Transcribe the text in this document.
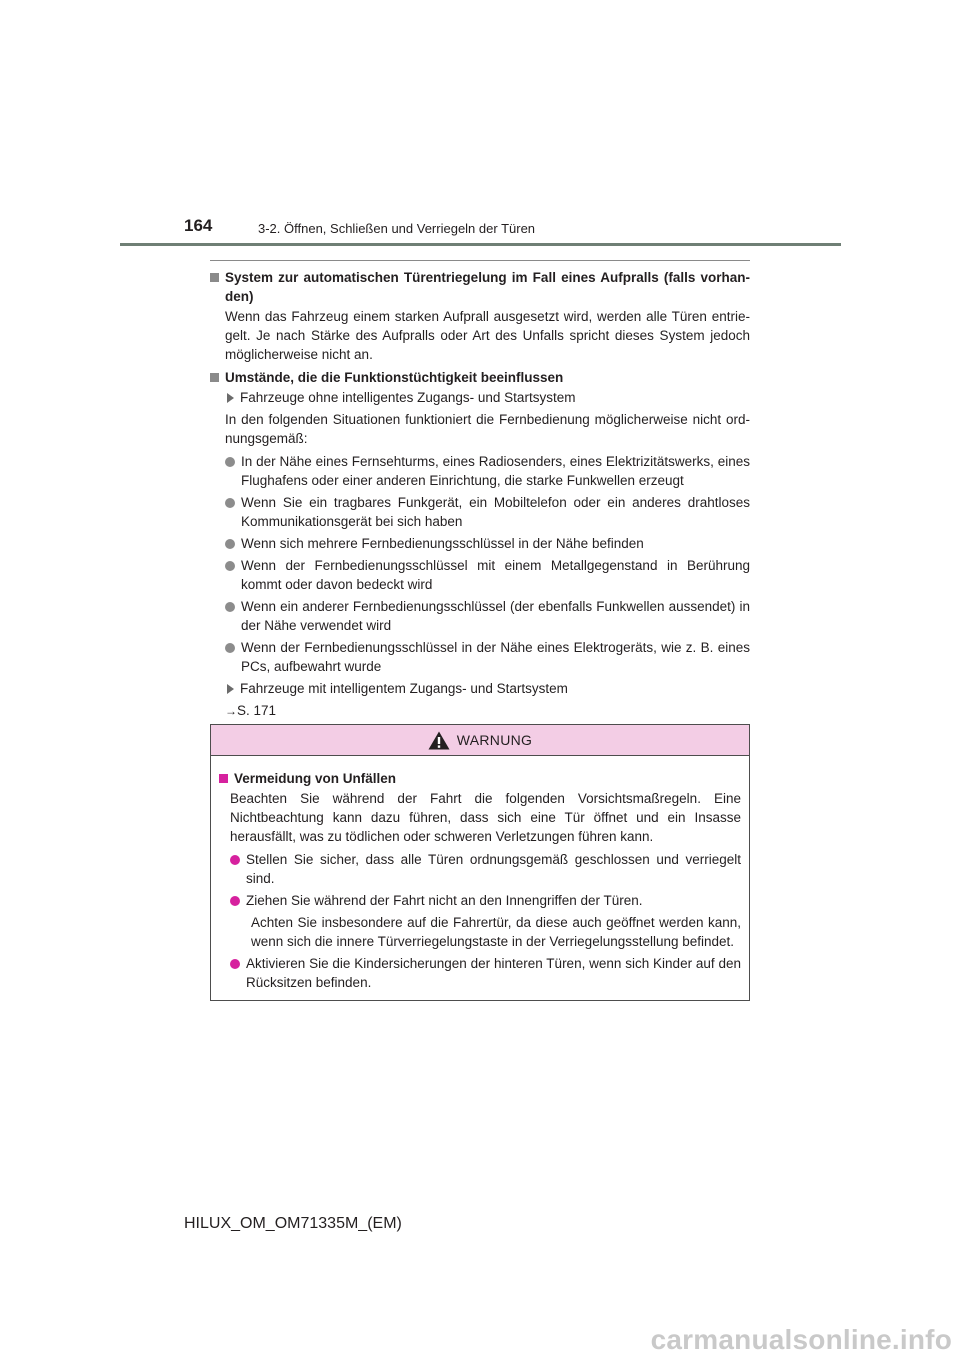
164	3-2. Öffnen, Schließen und Verriegeln der Türen

System zur automatischen Türentriegelung im Fall eines Aufpralls (falls vorhan-den)

Wenn das Fahrzeug einem starken Aufprall ausgesetzt wird, werden alle Türen entrie-gelt. Je nach Stärke des Aufpralls oder Art des Unfalls spricht dieses System jedoch möglicherweise nicht an.

Umstände, die die Funktionstüchtigkeit beeinflussen

Fahrzeuge ohne intelligentes Zugangs- und Startsystem

In den folgenden Situationen funktioniert die Fernbedienung möglicherweise nicht ord-nungsgemäß:

In der Nähe eines Fernsehturms, eines Radiosenders, eines Elektrizitätswerks, eines Flughafens oder einer anderen Einrichtung, die starke Funkwellen erzeugt

Wenn Sie ein tragbares Funkgerät, ein Mobiltelefon oder ein anderes drahtloses Kommunikationsgerät bei sich haben

Wenn sich mehrere Fernbedienungsschlüssel in der Nähe befinden

Wenn der Fernbedienungsschlüssel mit einem Metallgegenstand in Berührung kommt oder davon bedeckt wird

Wenn ein anderer Fernbedienungsschlüssel (der ebenfalls Funkwellen aussendet) in der Nähe verwendet wird

Wenn der Fernbedienungsschlüssel in der Nähe eines Elektrogeräts, wie z. B. eines PCs, aufbewahrt wurde

Fahrzeuge mit intelligentem Zugangs- und Startsystem

→S. 171

WARNUNG

Vermeidung von Unfällen

Beachten Sie während der Fahrt die folgenden Vorsichtsmaßregeln. Eine Nichtbeachtung kann dazu führen, dass sich eine Tür öffnet und ein Insasse herausfällt, was zu tödlichen oder schweren Verletzungen führen kann.

Stellen Sie sicher, dass alle Türen ordnungsgemäß geschlossen und verriegelt sind.

Ziehen Sie während der Fahrt nicht an den Innengriffen der Türen.

Achten Sie insbesondere auf die Fahrertür, da diese auch geöffnet werden kann, wenn sich die innere Türverriegelungstaste in der Verriegelungsstellung befindet.

Aktivieren Sie die Kindersicherungen der hinteren Türen, wenn sich Kinder auf den Rücksitzen befinden.

HILUX_OM_OM71335M_(EM)
carmanualsonline.info
